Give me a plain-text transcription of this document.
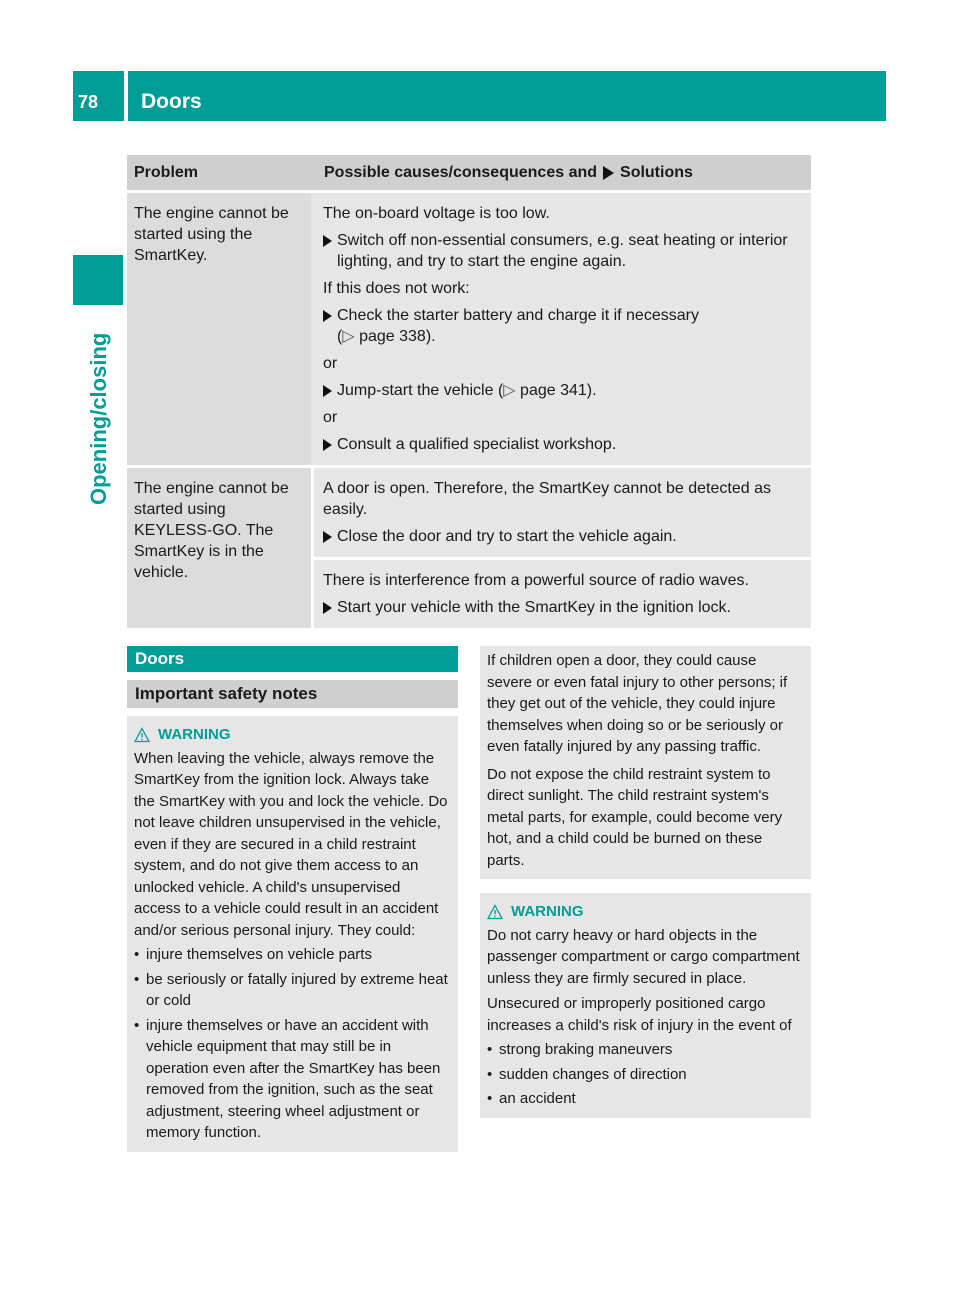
78 Doors
Opening/closing
Problem	Possible causes/consequences and Solutions
The engine cannot be started using the SmartKey.

The on-board voltage is too low.

Switch off non-essential consumers, e.g. seat heating or interior lighting, and try to start the engine again.

If this does not work:

Check the starter battery and charge it if necessary
(▷ page 338).

or

Jump-start the vehicle (▷ page 341).

or

Consult a qualified specialist workshop.
The engine cannot be started using KEYLESS-GO. The SmartKey is in the vehicle.

A door is open. Therefore, the SmartKey cannot be detected as easily.

Close the door and try to start the vehicle again.

There is interference from a powerful source of radio waves.

Start your vehicle with the SmartKey in the ignition lock.
Doors
Important safety notes
WARNING
When leaving the vehicle, always remove the SmartKey from the ignition lock. Always take the SmartKey with you and lock the vehicle. Do not leave children unsupervised in the vehicle, even if they are secured in a child restraint system, and do not give them access to an unlocked vehicle. A child's unsupervised access to a vehicle could result in an accident and/or serious personal injury. They could:
• injure themselves on vehicle parts
• be seriously or fatally injured by extreme heat or cold
• injure themselves or have an accident with vehicle equipment that may still be in operation even after the SmartKey has been removed from the ignition, such as the seat adjustment, steering wheel adjustment or memory function.

If children open a door, they could cause severe or even fatal injury to other persons; if they get out of the vehicle, they could injure themselves when doing so or be seriously or even fatally injured by any passing traffic.

Do not expose the child restraint system to direct sunlight. The child restraint system's metal parts, for example, could become very hot, and a child could be burned on these parts.

WARNING

Do not carry heavy or hard objects in the passenger compartment or cargo compartment unless they are firmly secured in place.

Unsecured or improperly positioned cargo increases a child's risk of injury in the event of

• strong braking maneuvers
• sudden changes of direction
• an accident
